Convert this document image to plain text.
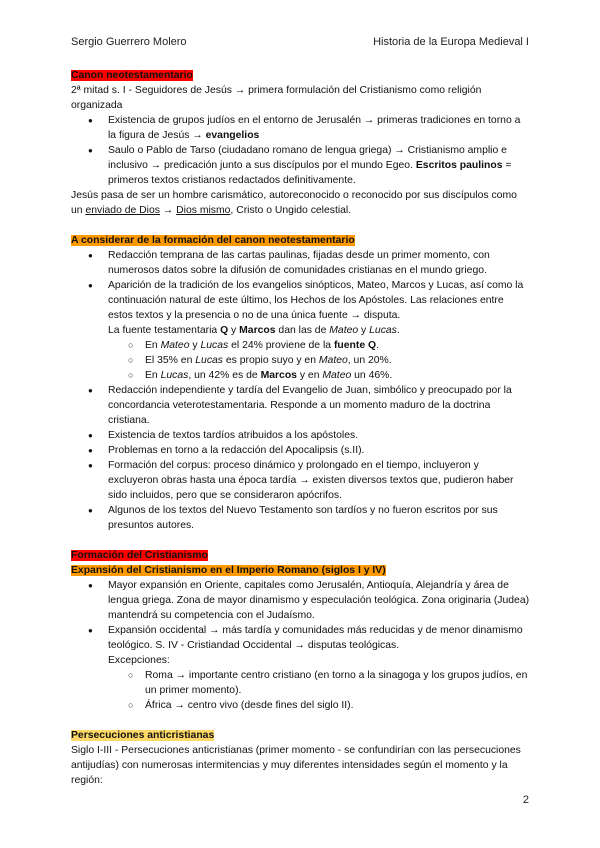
Sergio Guerrero Molero	Historia de la Europa Medieval I

Canon neotestamentario

2ª mitad s. I - Seguidores de Jesús → primera formulación del Cristianismo como religión organizada

● Existencia de grupos judíos en el entorno de Jerusalén → primeras tradiciones en torno a la figura de Jesús → evangelios
● Saulo o Pablo de Tarso (ciudadano romano de lengua griega) → Cristianismo amplio e inclusivo → predicación junto a sus discípulos por el mundo Egeo. Escritos paulinos = primeros textos cristianos redactados definitivamente.

Jesús pasa de ser un hombre carismático, autoreconocido o reconocido por sus discípulos como un enviado de Dios → Dios mismo, Cristo o Ungido celestial.

A considerar de la formación del canon neotestamentario

● Redacción temprana de las cartas paulinas, fijadas desde un primer momento, con numerosos datos sobre la difusión de comunidades cristianas en el mundo griego.
● Aparición de la tradición de los evangelios sinópticos, Mateo, Marcos y Lucas, así como la continuación natural de este último, los Hechos de los Apóstoles. Las relaciones entre estos textos y la presencia o no de una única fuente → disputa.
La fuente testamentaria Q y Marcos dan las de Mateo y Lucas.
○ En Mateo y Lucas el 24% proviene de la fuente Q.
○ El 35% en Lucas es propio suyo y en Mateo, un 20%.
○ En Lucas, un 42% es de Marcos y en Mateo un 46%.
● Redacción independiente y tardía del Evangelio de Juan, simbólico y preocupado por la concordancia veterotestamentaria. Responde a un momento maduro de la doctrina cristiana.
● Existencia de textos tardíos atribuidos a los apóstoles.
● Problemas en torno a la redacción del Apocalipsis (s.II).
● Formación del corpus: proceso dinámico y prolongado en el tiempo, incluyeron y excluyeron obras hasta una época tardía → existen diversos textos que, pudieron haber sido incluidos, pero que se consideraron apócrifos.
● Algunos de los textos del Nuevo Testamento son tardíos y no fueron escritos por sus presuntos autores.

Formación del Cristianismo

Expansión del Cristianismo en el Imperio Romano (siglos I y IV)

● Mayor expansión en Oriente, capitales como Jerusalén, Antioquía, Alejandría y área de lengua griega. Zona de mayor dinamismo y especulación teológica. Zona originaria (Judea) mantendrá su competencia con el Judaísmo.
● Expansión occidental → más tardía y comunidades más reducidas y de menor dinamismo teológico. S. IV - Cristiandad Occidental → disputas teológicas.
Excepciones:
○ Roma → importante centro cristiano (en torno a la sinagoga y los grupos judíos, en un primer momento).
○ África → centro vivo (desde fines del siglo II).

Persecuciones anticristianas

Siglo I-III - Persecuciones anticristianas (primer momento - se confundirían con las persecuciones antijudías) con numerosas intermitencias y muy diferentes intensidades según el momento y la región:

2
